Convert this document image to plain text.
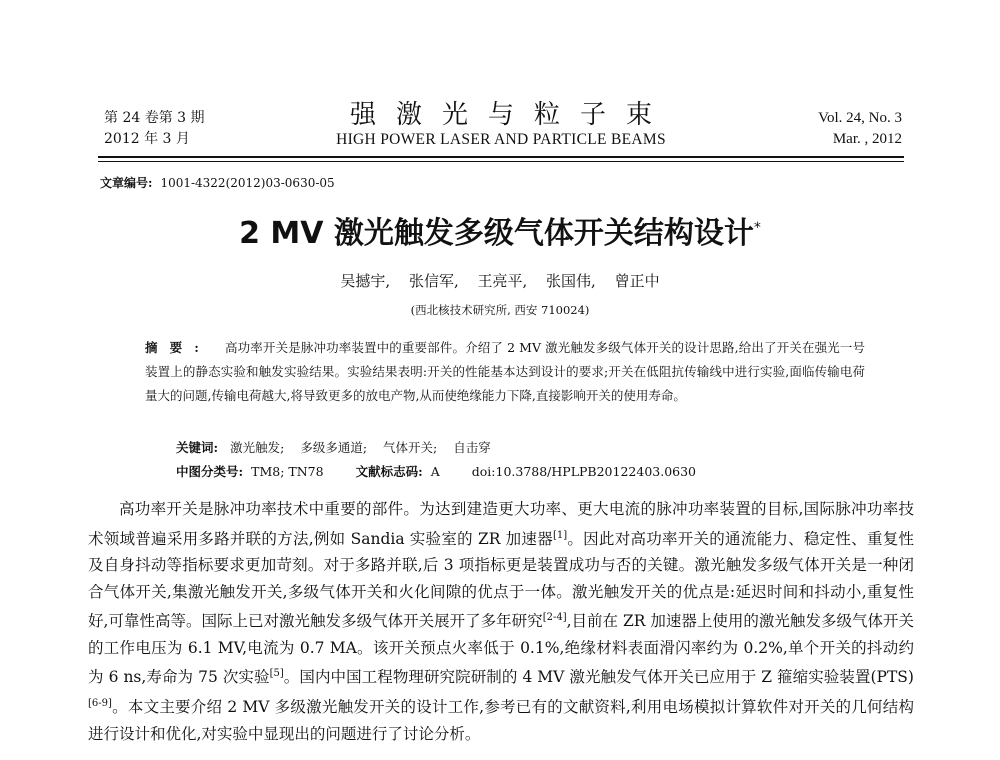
第 24 卷第 3 期
2012 年 3 月
强激光与粒子束
HIGH POWER LASER AND PARTICLE BEAMS
Vol. 24, No. 3
Mar. , 2012
文章编号: 1001-4322(2012)03-0630-05
2 MV 激光触发多级气体开关结构设计*
吴撼宇, 张信军, 王亮平, 张国伟, 曾正中
(西北核技术研究所, 西安 710024)
摘要: 高功率开关是脉冲功率装置中的重要部件。介绍了 2 MV 激光触发多级气体开关的设计思路,给出了开关在强光一号装置上的静态实验和触发实验结果。实验结果表明:开关的性能基本达到设计的要求;开关在低阻抗传输线中进行实验,面临传输电荷量大的问题,传输电荷越大,将导致更多的放电产物,从而使绝缘能力下降,直接影响开关的使用寿命。
关键词: 激光触发; 多级多通道; 气体开关; 自击穿
中图分类号: TM8; TN78	文献标志码: A	doi:10.3788/HPLPB20122403.0630
高功率开关是脉冲功率技术中重要的部件。为达到建造更大功率、更大电流的脉冲功率装置的目标,国际脉冲功率技术领域普遍采用多路并联的方法,例如 Sandia 实验室的 ZR 加速器[1]。因此对高功率开关的通流能力、稳定性、重复性及自身抖动等指标要求更加苛刻。对于多路并联,后 3 项指标更是装置成功与否的关键。激光触发多级气体开关是一种闭合气体开关,集激光触发开关,多级气体开关和火化间隙的优点于一体。激光触发开关的优点是:延迟时间和抖动小,重复性好,可靠性高等。国际上已对激光触发多级气体开关展开了多年研究[2-4],目前在 ZR 加速器上使用的激光触发多级气体开关的工作电压为 6.1 MV,电流为 0.7 MA。该开关预点火率低于 0.1%,绝缘材料表面滑闪率约为 0.2%,单个开关的抖动约为 6 ns,寿命为 75 次实验[5]。国内中国工程物理研究院研制的 4 MV 激光触发气体开关已应用于 Z 箍缩实验装置(PTS)[6-9]。本文主要介绍 2 MV 多级激光触发开关的设计工作,参考已有的文献资料,利用电场模拟计算软件对开关的几何结构进行设计和优化,对实验中显现出的问题进行了讨论分析。
